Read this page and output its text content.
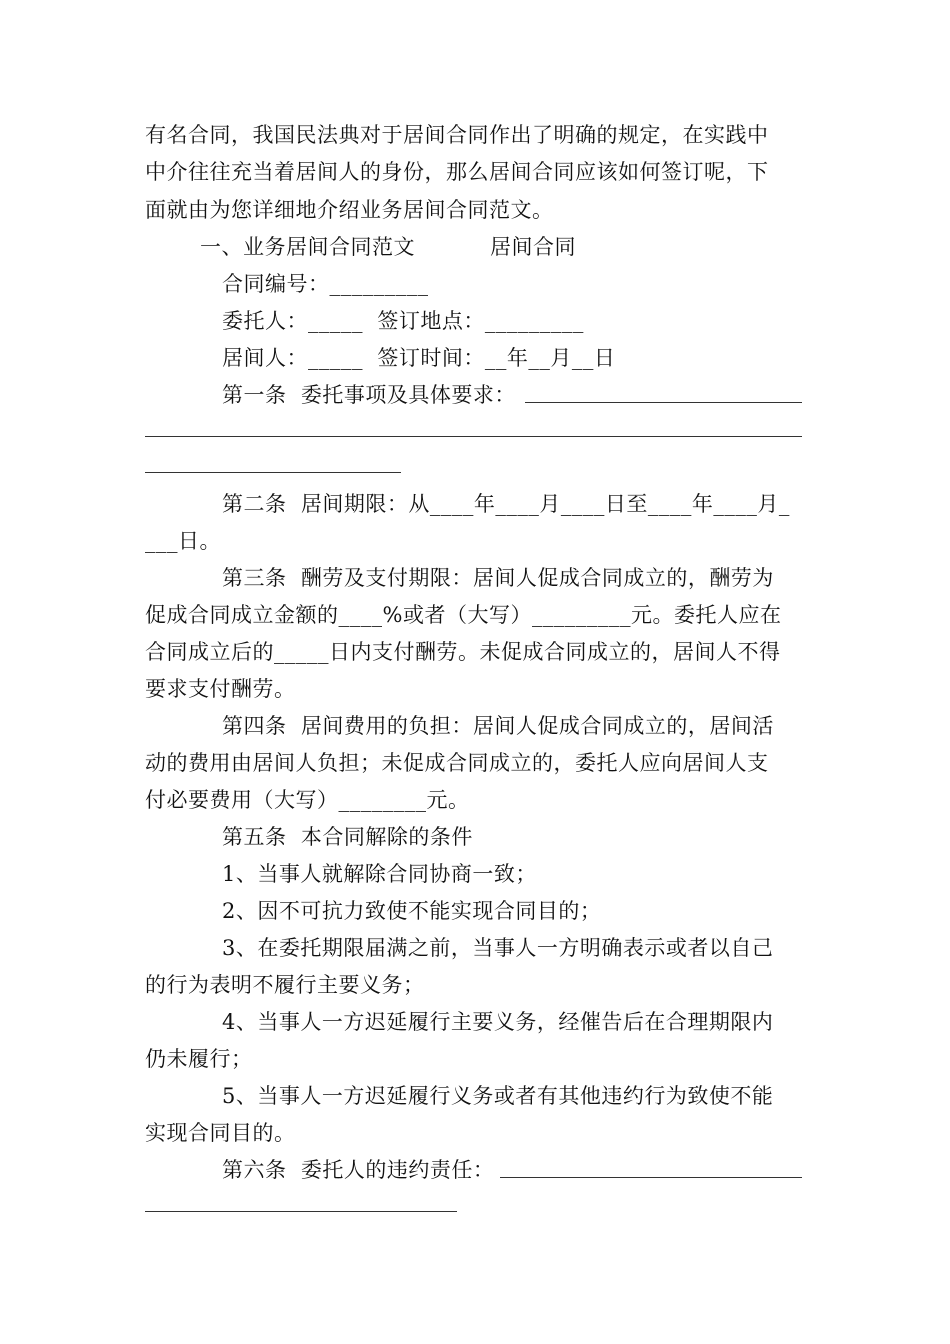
有名合同，我国民法典对于居间合同作出了明确的规定，在实践中
中介往往充当着居间人的身份，那么居间合同应该如何签订呢，下
面就由为您详细地介绍业务居间合同范文。
一、业务居间合同范文	居间合同
合同编号：_________
委托人：_____  签订地点：_________
居间人：_____  签订时间：__年__月__日
第一条  委托事项及具体要求：
第二条  居间期限：从____年____月____日至____年____月_
___日。
第三条  酬劳及支付期限：居间人促成合同成立的，酬劳为
促成合同成立金额的____%或者（大写）_________元。委托人应在
合同成立后的_____日内支付酬劳。未促成合同成立的，居间人不得
要求支付酬劳。
第四条  居间费用的负担：居间人促成合同成立的，居间活
动的费用由居间人负担；未促成合同成立的，委托人应向居间人支
付必要费用（大写）________元。
第五条  本合同解除的条件
1、当事人就解除合同协商一致；
2、因不可抗力致使不能实现合同目的；
3、在委托期限届满之前，当事人一方明确表示或者以自己
的行为表明不履行主要义务；
4、当事人一方迟延履行主要义务，经催告后在合理期限内
仍未履行；
5、当事人一方迟延履行义务或者有其他违约行为致使不能
实现合同目的。
第六条  委托人的违约责任：
